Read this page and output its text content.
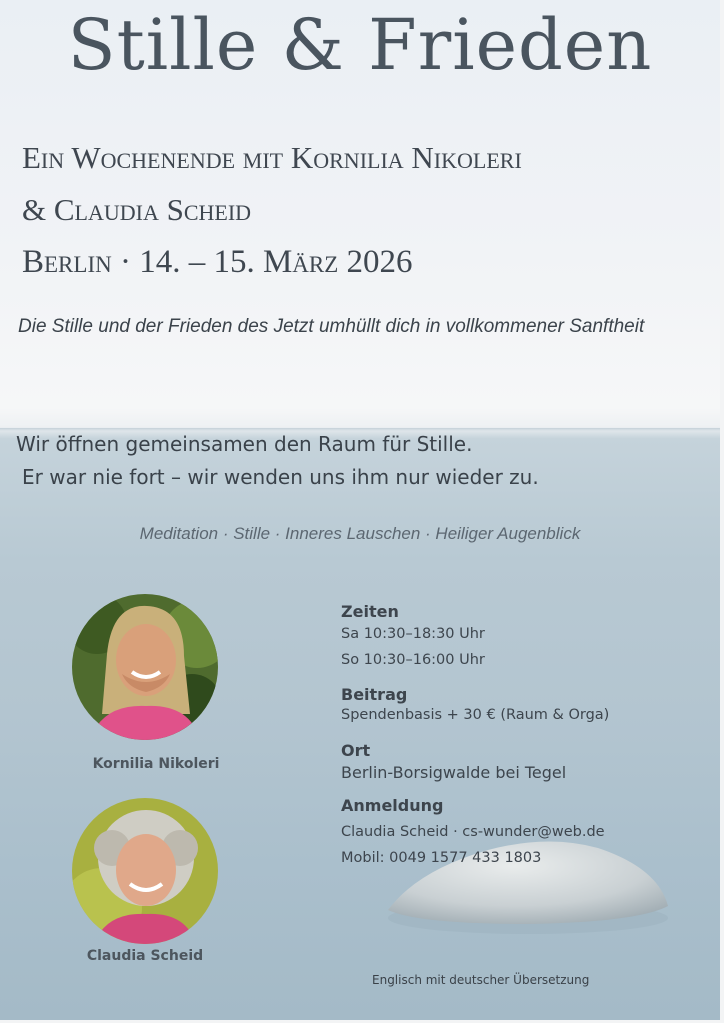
Stille & Frieden
Ein Wochenende mit Kornilia Nikoleri
& Claudia Scheid
Berlin · 14. – 15. März 2026
Die Stille und der Frieden des Jetzt umhüllt dich in vollkommener Sanftheit
Wir öffnen gemeinsamen den Raum für Stille.
Er war nie fort – wir wenden uns ihm nur wieder zu.
Meditation · Stille · Inneres Lauschen · Heiliger Augenblick
Kornilia Nikoleri
Claudia Scheid

Zeiten

Sa 10:30–18:30 Uhr

So 10:30–16:00 Uhr

Beitrag

Spendenbasis + 30 € (Raum & Orga)

Ort

Berlin-Borsigwalde bei Tegel

Anmeldung

Claudia Scheid · cs-wunder@web.de

Mobil: 0049 1577 433 1803

Englisch mit deutscher Übersetzung
